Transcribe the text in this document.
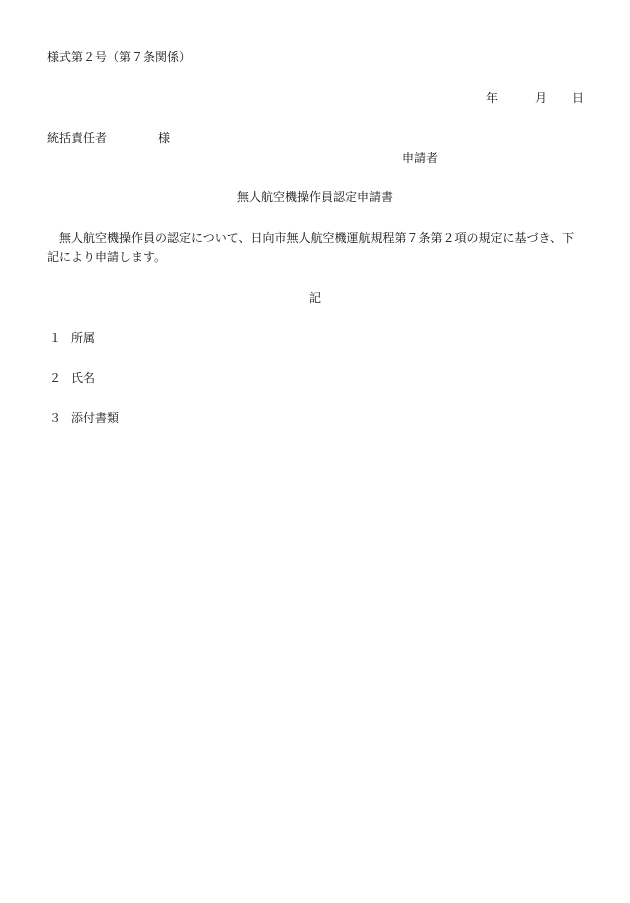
様式第２号（第７条関係）
年	月 日
統括責任者	様
申請者
無人航空機操作員認定申請書
無人航空機操作員の認定について、日向市無人航空機運航規程第７条第２項の規定に基づき、下記により申請します。
記
１ 所属
２ 氏名
３ 添付書類
